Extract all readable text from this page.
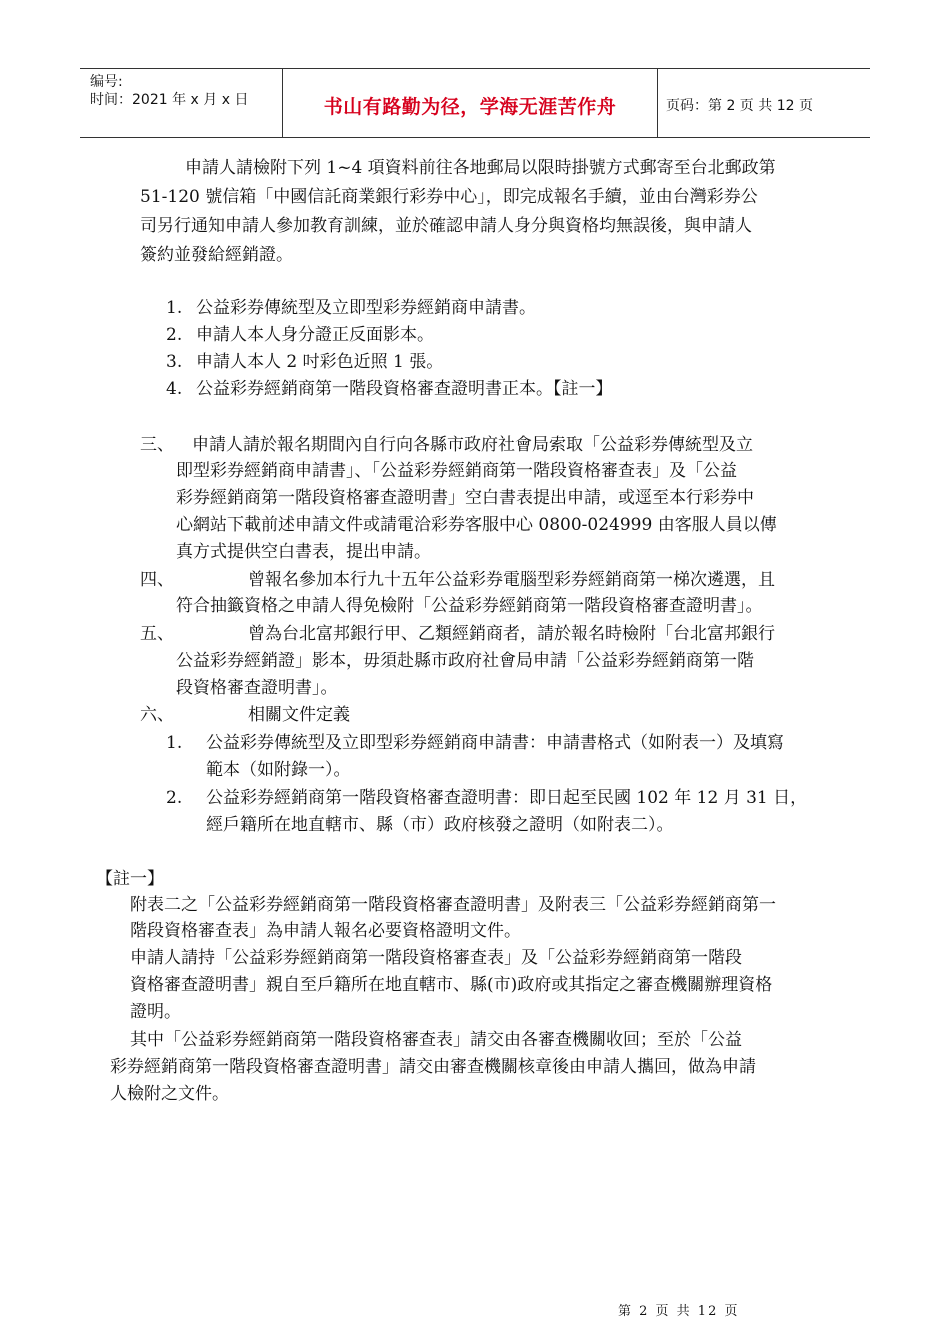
编号:
时间：2021 年 x 月 x 日	书山有路勤为径，学海无涯苦作舟	页码：第 2 页 共 12 页
申請人請檢附下列 1~4 項資料前往各地郵局以限時掛號方式郵寄至台北郵政第
51-120 號信箱「中國信託商業銀行彩券中心」，即完成報名手續，並由台灣彩券公
司另行通知申請人參加教育訓練，並於確認申請人身分與資格均無誤後，與申請人
簽約並發給經銷證。
1. 公益彩券傳統型及立即型彩券經銷商申請書。
2. 申請人本人身分證正反面影本。
3. 申請人本人 2 吋彩色近照 1 張。
4. 公益彩券經銷商第一階段資格審查證明書正本。【註一】
三、 申請人請於報名期間內自行向各縣市政府社會局索取「公益彩券傳統型及立
即型彩券經銷商申請書」、「公益彩券經銷商第一階段資格審查表」及「公益
彩券經銷商第一階段資格審查證明書」空白書表提出申請，或逕至本行彩券中
心網站下載前述申請文件或請電洽彩券客服中心 0800-024999 由客服人員以傳
真方式提供空白書表，提出申請。
四、	曾報名參加本行九十五年公益彩券電腦型彩券經銷商第一梯次遴選，且
符合抽籤資格之申請人得免檢附「公益彩券經銷商第一階段資格審查證明書」。
五、	曾為台北富邦銀行甲、乙類經銷商者，請於報名時檢附「台北富邦銀行
公益彩券經銷證」影本，毋須赴縣市政府社會局申請「公益彩券經銷商第一階
段資格審查證明書」。
六、	相關文件定義
1. 公益彩券傳統型及立即型彩券經銷商申請書：申請書格式（如附表一）及填寫
範本（如附錄一）。
2. 公益彩券經銷商第一階段資格審查證明書：即日起至民國 102 年 12 月 31 日，
經戶籍所在地直轄市、縣（市）政府核發之證明（如附表二）。
【註一】
附表二之「公益彩券經銷商第一階段資格審查證明書」及附表三「公益彩券經銷商第一
階段資格審查表」為申請人報名必要資格證明文件。
申請人請持「公益彩券經銷商第一階段資格審查表」及「公益彩券經銷商第一階段
資格審查證明書」親自至戶籍所在地直轄市、縣(市)政府或其指定之審查機關辦理資格
證明。
其中「公益彩券經銷商第一階段資格審查表」請交由各審查機關收回；至於「公益
彩券經銷商第一階段資格審查證明書」請交由審查機關核章後由申請人攜回，做為申請
人檢附之文件。
第 2 页 共 12 页
